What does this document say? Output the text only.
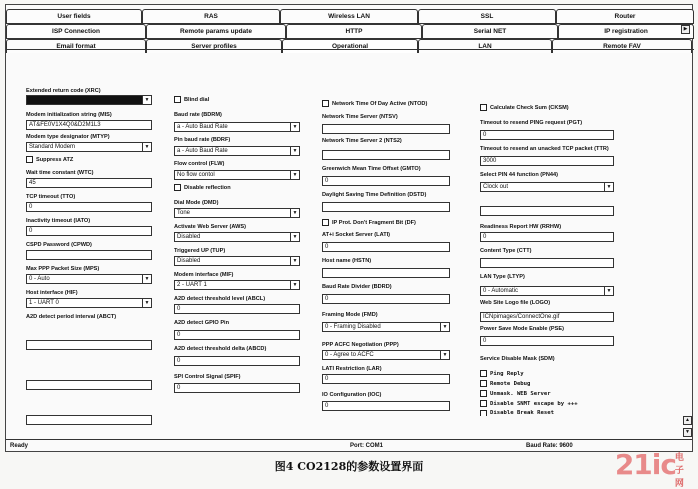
User fields	RAS	Wireless LAN	SSL	Router
ISP Connection	Remote params update	HTTP	Serial NET	IP registration
Email format	Server profiles	Operational	LAN	Remote FAV
▶
Extended return code (XRC)
▼
Modem initialization string (MIS)
AT&FE0V1X4Q0&D2M1L3
Modem type designator (MTYP)
Standard Modem	▼
Suppress ATZ
Wait time constant (WTC)
45
TCP timeout (TTO)
0
Inactivity timeout (IATO)
0
CSPD Password (CPWD)
Max PPP Packet Size (MPS)
0 - Auto	▼
Host interface (HIF)
1 - UART 0	▼
A2D detect period interval (ABCT)
Blind dial
Baud rate (BDRM)
a - Auto Baud Rate	▼
Pin baud rate (BDRF)
a - Auto Baud Rate	▼
Flow control (FLW)
No flow contol	▼
Disable reflection
Dial Mode (DMD)
Tone	▼
Activate Web Server (AWS)
Disabled	▼
Triggered UP (TUP)
Disabled	▼
Modem interface (MIF)
2 - UART 1	▼
A2D detect threshold level (ABCL)
0
A2D detect GPIO Pin
0
A2D detect threshold delta (ABCD)
0
SPI Control Signal (SPIF)
0
Network Time Of Day Active (NTOD)
Network Time Server (NTSV)
Network Time Server 2 (NTS2)
Greenwich Mean Time Offset (GMTO)
0
Daylight Saving Time Definition (DSTD)
IP Prot. Don't Fragment Bit (DF)
AT+i Socket Server (LATI)
0
Host name (HSTN)
Baud Rate Divider (BDRD)
0
Framing Mode (FMD)
0 - Framing Disabled	▼
PPP ACFC Negotiation (PPP)
0 - Agree to ACFC	▼
LATI Restriction (LAR)
0
IO Configuration (IOC)
0
Calculate Check Sum (CKSM)
Timeout to resend PING request (PGT)
0
Timeout to resend an unacked TCP packet (TTR)
3000
Select PIN 44 function (PN44)
Clock out	▼
Readiness Report HW (RRHW)
0
Content Type (CTT)
LAN Type (LTYP)
0 - Automatic	▼
Web Site Logo file (LOGO)
ICNpimages/ConnectOne.gif
Power Save Mode Enable (PSE)
0
Service Disable Mask (SDM)
Ping Reply
Remote Debug
Unmask. WEB Server
Disable SNMT escape by +++
Disable Break Reset
▲
▼
Ready	Port: COM1	Baud Rate: 9600
21ic
电子网
图4 CO2128的参数设置界面
